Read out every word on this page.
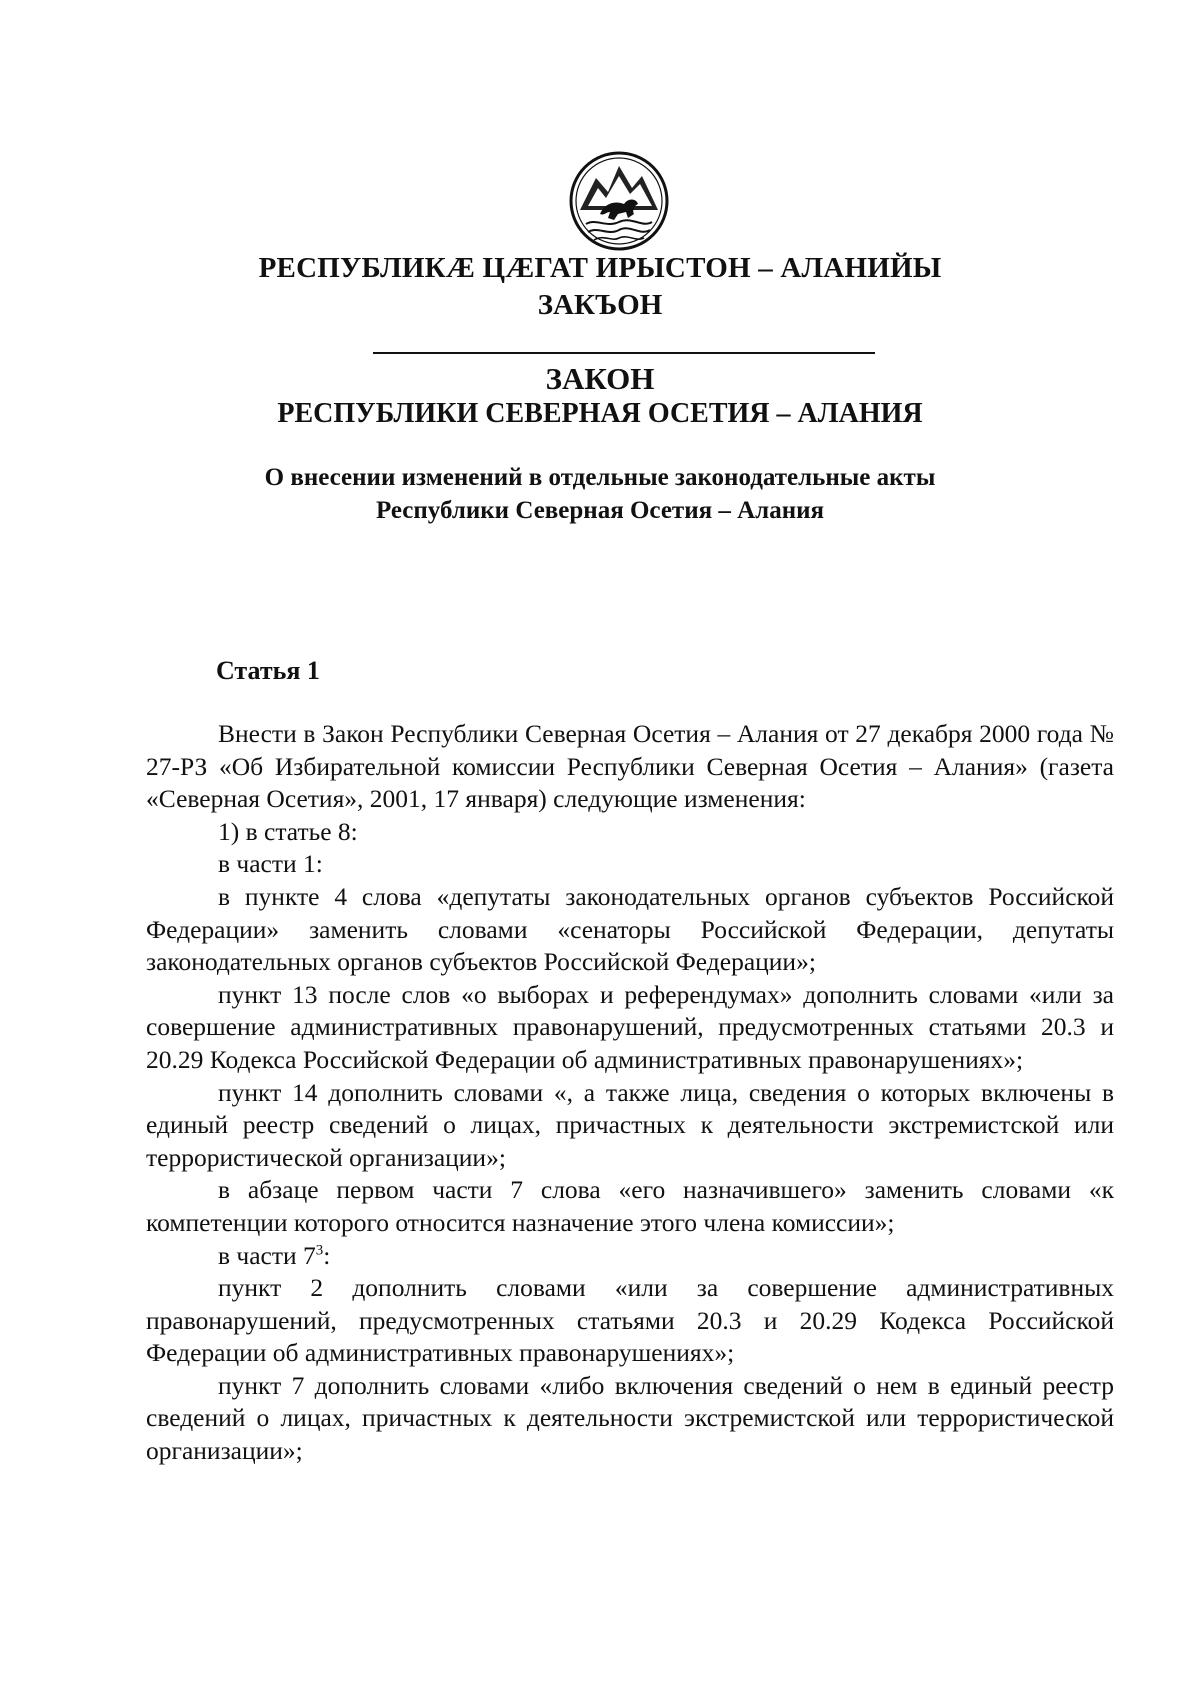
РЕСПУБЛИКӔ ЦӔГАТ ИРЫСТОН – АЛАНИЙЫ
ЗАКЪОН
ЗАКОН
РЕСПУБЛИКИ СЕВЕРНАЯ ОСЕТИЯ – АЛАНИЯ
О внесении изменений в отдельные законодательные акты
Республики Северная Осетия – Алания
Статья 1

Внести в Закон Республики Северная Осетия – Алания от 27 декабря 2000 года № 27-РЗ «Об Избирательной комиссии Республики Северная Осетия – Алания» (газета «Северная Осетия», 2001, 17 января) следующие изменения:

1) в статье 8:

в части 1:

в пункте 4 слова «депутаты законодательных органов субъектов Российской Федерации» заменить словами «сенаторы Российской Федерации, депутаты законодательных органов субъектов Российской Федерации»;

пункт 13 после слов «о выборах и референдумах» дополнить словами «или за совершение административных правонарушений, предусмотренных статьями 20.3 и 20.29 Кодекса Российской Федерации об административных правонарушениях»;

пункт 14 дополнить словами «, а также лица, сведения о которых включены в единый реестр сведений о лицах, причастных к деятельности экстремистской или террористической организации»;

в абзаце первом части 7 слова «его назначившего» заменить словами «к компетенции которого относится назначение этого члена комиссии»;

в части $7^3$:

пункт 2 дополнить словами «или за совершение административных правонарушений, предусмотренных статьями 20.3 и 20.29 Кодекса Российской Федерации об административных правонарушениях»;

пункт 7 дополнить словами «либо включения сведений о нем в единый реестр сведений о лицах, причастных к деятельности экстремистской или террористической организации»;
